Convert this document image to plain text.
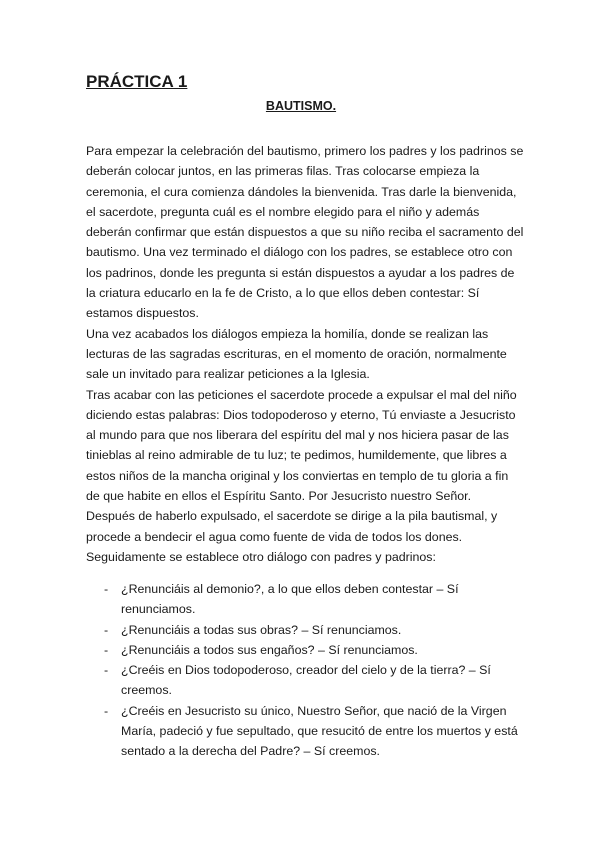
PRÁCTICA 1
BAUTISMO.
Para empezar la celebración del bautismo, primero los padres y los padrinos se
deberán colocar juntos, en las primeras filas. Tras colocarse empieza la
ceremonia, el cura comienza dándoles la bienvenida. Tras darle la bienvenida,
el sacerdote, pregunta cuál es el nombre elegido para el niño y además
deberán confirmar que están dispuestos a que su niño reciba el sacramento del
bautismo. Una vez terminado el diálogo con los padres, se establece otro con
los padrinos, donde les pregunta si están dispuestos a ayudar a los padres de
la criatura educarlo en la fe de Cristo, a lo que ellos deben contestar: Sí
estamos dispuestos.
Una vez acabados los diálogos empieza la homilía, donde se realizan las
lecturas de las sagradas escrituras, en el momento de oración, normalmente
sale un invitado para realizar peticiones a la Iglesia.
Tras acabar con las peticiones el sacerdote procede a expulsar el mal del niño
diciendo estas palabras: Dios todopoderoso y eterno, Tú enviaste a Jesucristo
al mundo para que nos liberara del espíritu del mal y nos hiciera pasar de las
tinieblas al reino admirable de tu luz; te pedimos, humildemente, que libres a
estos niños de la mancha original y los conviertas en templo de tu gloria a fin
de que habite en ellos el Espíritu Santo. Por Jesucristo nuestro Señor.
Después de haberlo expulsado, el sacerdote se dirige a la pila bautismal, y
procede a bendecir el agua como fuente de vida de todos los dones.
Seguidamente se establece otro diálogo con padres y padrinos:
- ¿Renunciáis al demonio?, a lo que ellos deben contestar – Sí
renunciamos.
- ¿Renunciáis a todas sus obras? – Sí renunciamos.
- ¿Renunciáis a todos sus engaños? – Sí renunciamos.
- ¿Creéis en Dios todopoderoso, creador del cielo y de la tierra? – Sí
creemos.
- ¿Creéis en Jesucristo su único, Nuestro Señor, que nació de la Virgen
María, padeció y fue sepultado, que resucitó de entre los muertos y está
sentado a la derecha del Padre? – Sí creemos.
